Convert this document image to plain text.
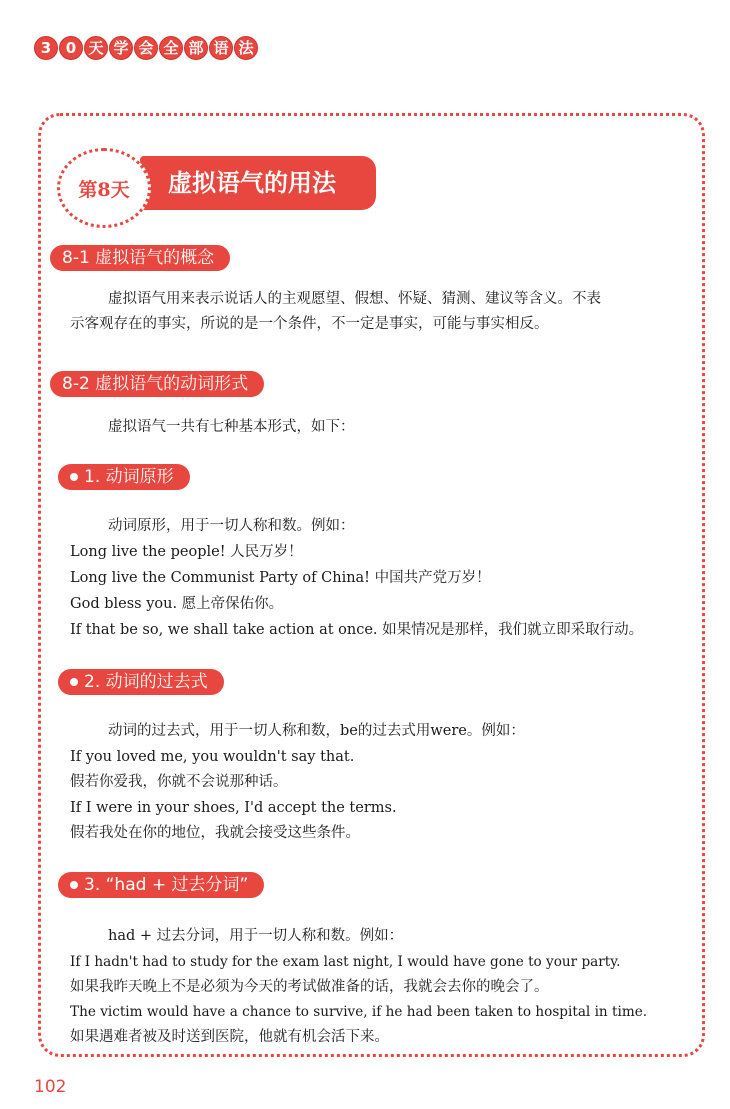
3 0 天 学 会 全 部 语 法
第8天	虚拟语气的用法
8-1 虚拟语气的概念
虚拟语气用来表示说话人的主观愿望、假想、怀疑、猜测、建议等含义。不表
示客观存在的事实，所说的是一个条件，不一定是事实，可能与事实相反。
8-2 虚拟语气的动词形式
虚拟语气一共有七种基本形式，如下：
1. 动词原形
动词原形，用于一切人称和数。例如：
Long live the people! 人民万岁！
Long live the Communist Party of China! 中国共产党万岁！
God bless you. 愿上帝保佑你。
If that be so, we shall take action at once. 如果情况是那样，我们就立即采取行动。
2. 动词的过去式
动词的过去式，用于一切人称和数，be的过去式用were。例如：
If you loved me, you wouldn't say that.
假若你爱我，你就不会说那种话。
If I were in your shoes, I'd accept the terms.
假若我处在你的地位，我就会接受这些条件。
3. “had + 过去分词”
had + 过去分词，用于一切人称和数。例如：
If I hadn't had to study for the exam last night, I would have gone to your party.
如果我昨天晚上不是必须为今天的考试做准备的话，我就会去你的晚会了。
The victim would have a chance to survive, if he had been taken to hospital in time.
如果遇难者被及时送到医院，他就有机会活下来。
102
